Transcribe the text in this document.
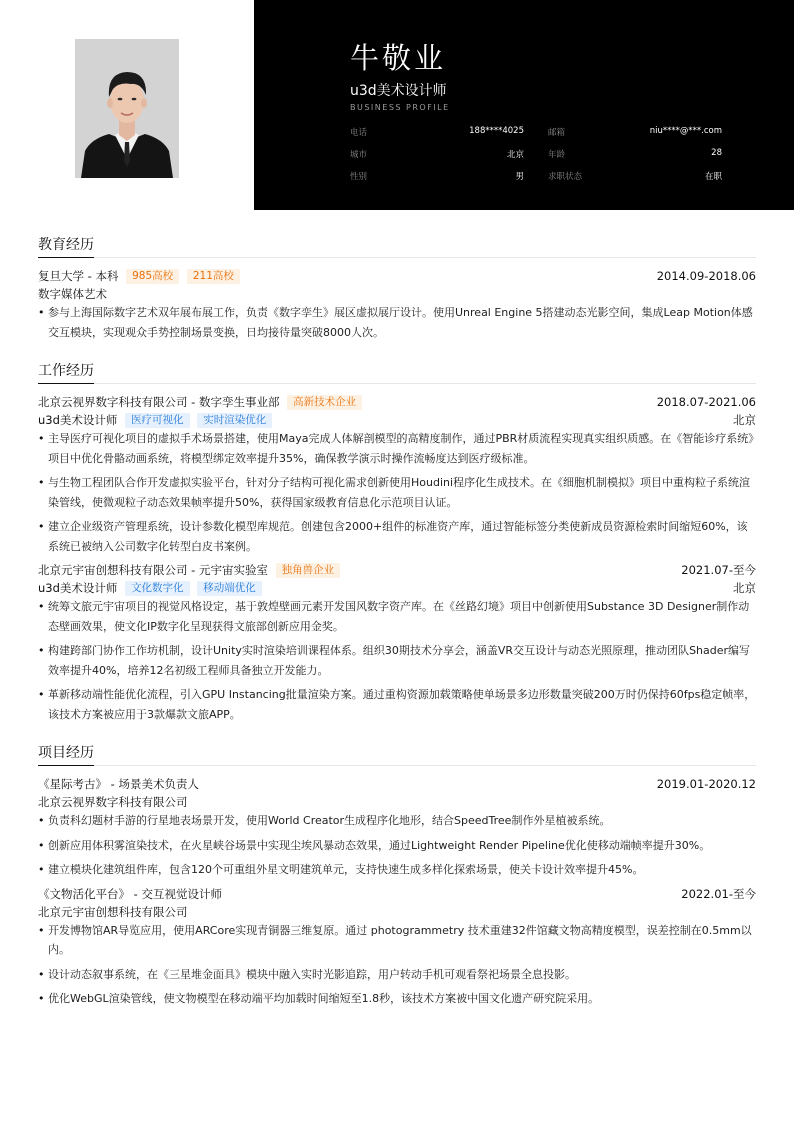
牛敬业
u3d美术设计师
BUSINESS PROFILE
电话	188****4025	邮箱	niu****@***.com
城市	北京	年龄	28
性别	男	求职状态	在职
教育经历
复旦大学 - 本科 985高校 211高校	2014.09-2018.06
数字媒体艺术
• 参与上海国际数字艺术双年展布展工作，负责《数字孪生》展区虚拟展厅设计。使用Unreal Engine 5搭建动态光影空间，集成Leap Motion体感交互模块，实现观众手势控制场景变换，日均接待量突破8000人次。
工作经历
北京云视界数字科技有限公司 - 数字孪生事业部 高新技术企业	2018.07-2021.06
u3d美术设计师 医疗可视化 实时渲染优化	北京
• 主导医疗可视化项目的虚拟手术场景搭建，使用Maya完成人体解剖模型的高精度制作，通过PBR材质流程实现真实组织质感。在《智能诊疗系统》项目中优化骨骼动画系统，将模型绑定效率提升35%，确保教学演示时操作流畅度达到医疗级标准。
• 与生物工程团队合作开发虚拟实验平台，针对分子结构可视化需求创新使用Houdini程序化生成技术。在《细胞机制模拟》项目中重构粒子系统渲染管线，使微观粒子动态效果帧率提升50%，获得国家级教育信息化示范项目认证。
• 建立企业级资产管理系统，设计参数化模型库规范。创建包含2000+组件的标准资产库，通过智能标签分类使新成员资源检索时间缩短60%，该系统已被纳入公司数字化转型白皮书案例。
北京元宇宙创想科技有限公司 - 元宇宙实验室 独角兽企业	2021.07-至今
u3d美术设计师 文化数字化 移动端优化	北京
• 统筹文旅元宇宙项目的视觉风格设定，基于敦煌壁画元素开发国风数字资产库。在《丝路幻境》项目中创新使用Substance 3D Designer制作动态壁画效果，使文化IP数字化呈现获得文旅部创新应用金奖。
• 构建跨部门协作工作坊机制，设计Unity实时渲染培训课程体系。组织30期技术分享会，涵盖VR交互设计与动态光照原理，推动团队Shader编写效率提升40%，培养12名初级工程师具备独立开发能力。
• 革新移动端性能优化流程，引入GPU Instancing批量渲染方案。通过重构资源加载策略使单场景多边形数量突破200万时仍保持60fps稳定帧率，该技术方案被应用于3款爆款文旅APP。
项目经历
《星际考古》 - 场景美术负责人	2019.01-2020.12
北京云视界数字科技有限公司
• 负责科幻题材手游的行星地表场景开发，使用World Creator生成程序化地形，结合SpeedTree制作外星植被系统。
• 创新应用体积雾渲染技术，在火星峡谷场景中实现尘埃风暴动态效果，通过Lightweight Render Pipeline优化使移动端帧率提升30%。
• 建立模块化建筑组件库，包含120个可重组外星文明建筑单元，支持快速生成多样化探索场景，使关卡设计效率提升45%。
《文物活化平台》 - 交互视觉设计师	2022.01-至今
北京元宇宙创想科技有限公司
• 开发博物馆AR导览应用，使用ARCore实现青铜器三维复原。通过 photogrammetry 技术重建32件馆藏文物高精度模型，误差控制在0.5mm以内。
• 设计动态叙事系统，在《三星堆金面具》模块中融入实时光影追踪，用户转动手机可观看祭祀场景全息投影。
• 优化WebGL渲染管线，使文物模型在移动端平均加载时间缩短至1.8秒，该技术方案被中国文化遗产研究院采用。
